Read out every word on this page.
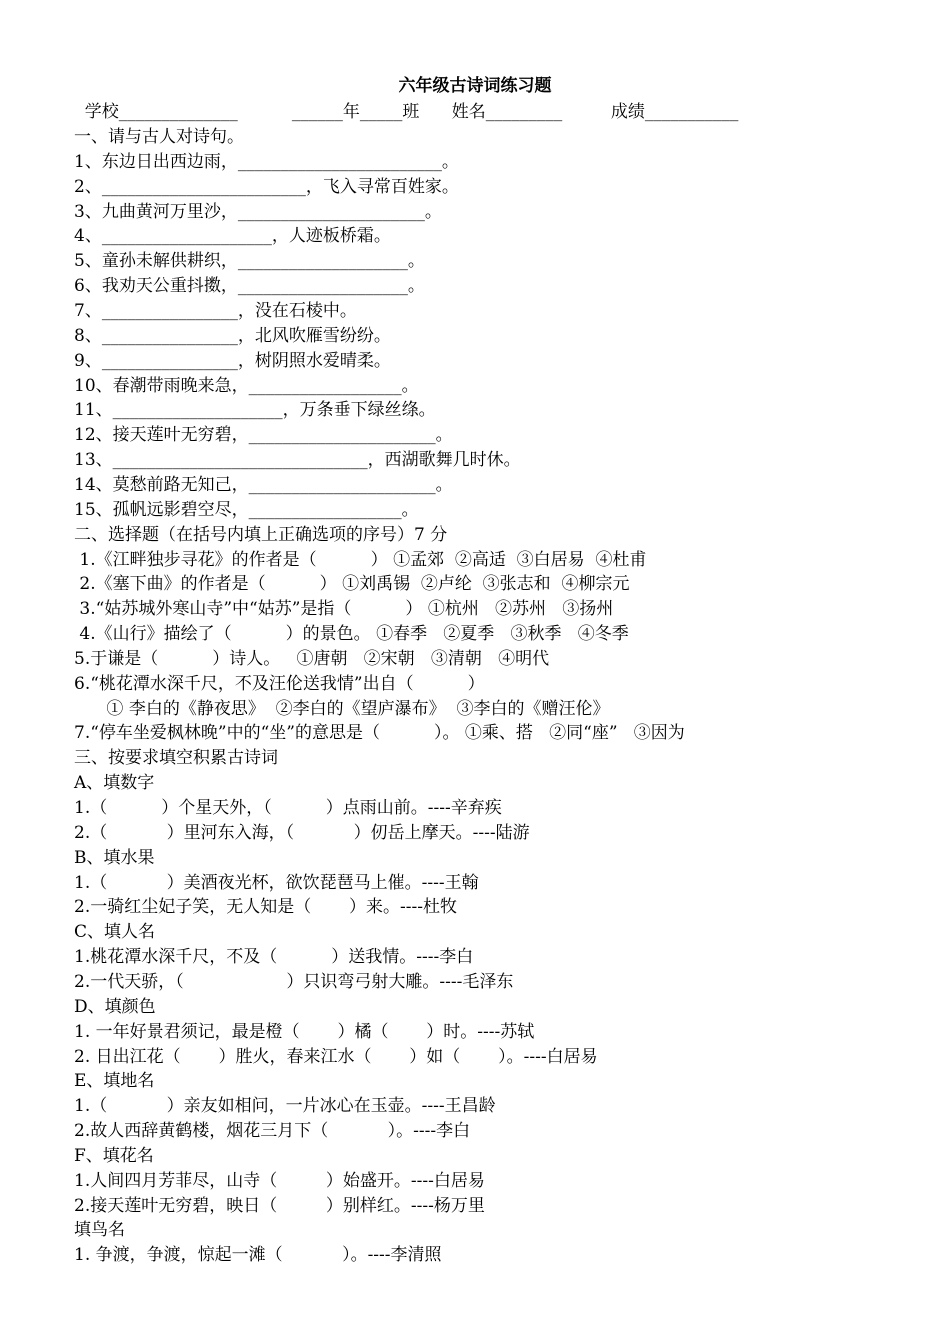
六年级古诗词练习题

学校______________          ______年_____班      姓名_________         成绩___________

一、请与古人对诗句。

1、东边日出西边雨，________________________。

2、________________________，飞入寻常百姓家。

3、九曲黄河万里沙，______________________。

4、____________________，人迹板桥霜。

5、童孙未解供耕织，____________________。

6、我劝天公重抖擞，____________________。

7、________________，没在石棱中。

8、________________，北风吹雁雪纷纷。

9、________________，树阴照水爱晴柔。

10、春潮带雨晚来急，__________________。

11、____________________，万条垂下绿丝绦。

12、接天莲叶无穷碧，______________________。

13、______________________________，西湖歌舞几时休。

14、莫愁前路无知己，______________________。

15、孤帆远影碧空尽，__________________。

二、选择题（在括号内填上正确选项的序号）7 分

1.《江畔独步寻花》的作者是（          ） ①孟郊  ②高适  ③白居易  ④杜甫

2.《塞下曲》的作者是（          ） ①刘禹锡  ②卢纶  ③张志和  ④柳宗元

3.“姑苏城外寒山寺”中“姑苏”是指（          ） ①杭州   ②苏州   ③扬州

4.《山行》描绘了（          ）的景色。 ①春季   ②夏季   ③秋季   ④冬季

5.于谦是（          ）诗人。   ①唐朝   ②宋朝   ③清朝   ④明代

6.“桃花潭水深千尺，不及汪伦送我情”出自（          ）

① 李白的《静夜思》  ②李白的《望庐瀑布》  ③李白的《赠汪伦》

7.“停车坐爱枫林晚”中的“坐”的意思是（          ）。 ①乘、搭   ②同“座”   ③因为

三、按要求填空积累古诗词

A、填数字

1.（          ）个星天外，（          ）点雨山前。----辛弃疾

2.（           ）里河东入海，（           ）仞岳上摩天。----陆游

B、填水果

1.（           ）美酒夜光杯，欲饮琵琶马上催。----王翰

2.一骑红尘妃子笑，无人知是（       ）来。----杜牧

C、填人名

1.桃花潭水深千尺，不及（          ）送我情。----李白

2.一代天骄，（                   ）只识弯弓射大雕。----毛泽东

D、填颜色

1. 一年好景君须记，最是橙（       ）橘（       ）时。----苏轼

2. 日出江花（       ）胜火，春来江水（       ）如（       ）。----白居易

E、填地名

1.（           ）亲友如相问，一片冰心在玉壶。----王昌龄

2.故人西辞黄鹤楼，烟花三月下（           ）。----李白

F、填花名

1.人间四月芳菲尽，山寺（         ）始盛开。----白居易

2.接天莲叶无穷碧，映日（         ）别样红。----杨万里

填鸟名

1. 争渡，争渡，惊起一滩（           ）。----李清照
